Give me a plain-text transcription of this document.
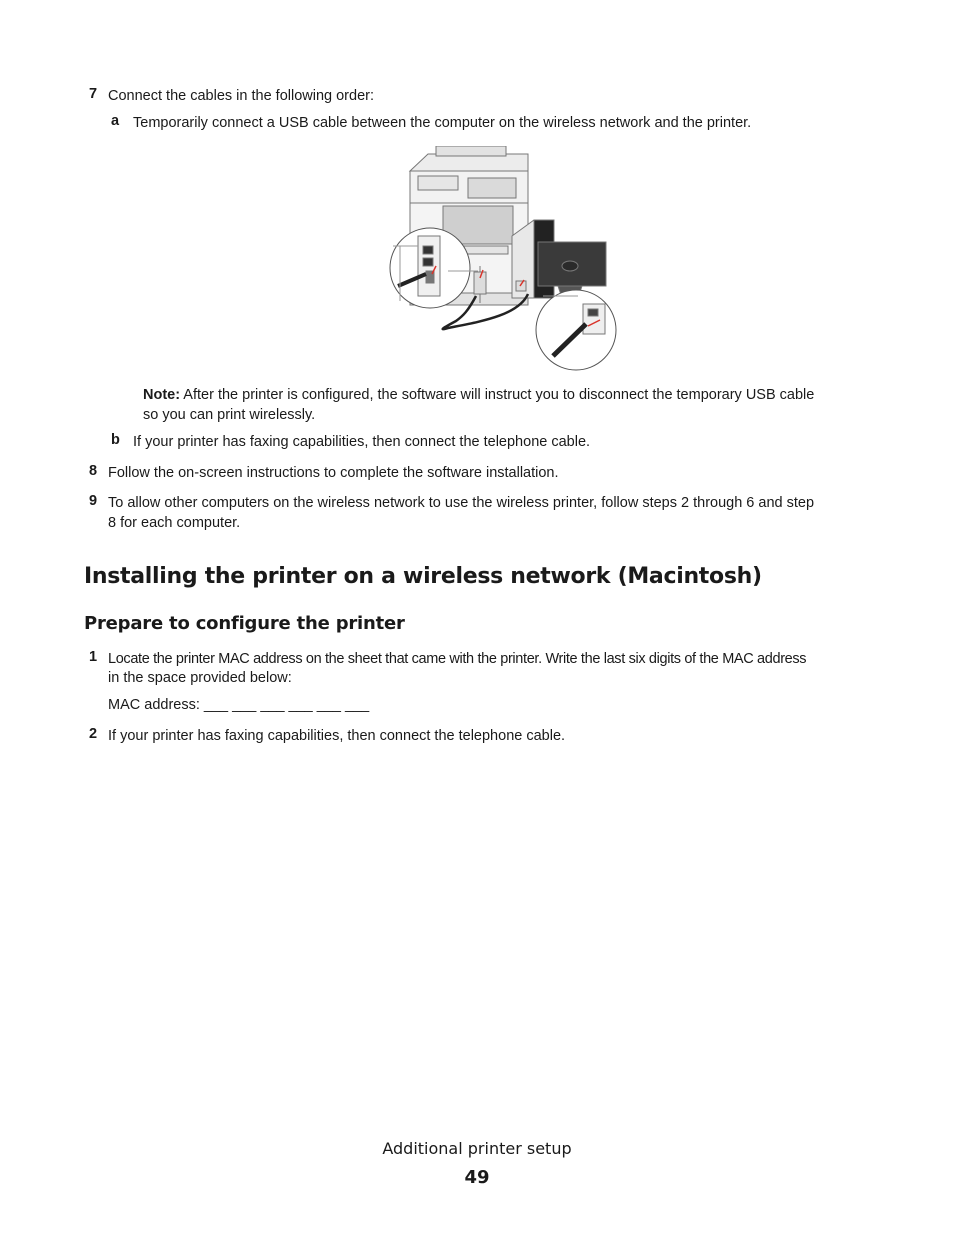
7 Connect the cables in the following order:
a Temporarily connect a USB cable between the computer on the wireless network and the printer.
Note: After the printer is configured, the software will instruct you to disconnect the temporary USB cable
so you can print wirelessly.
b If your printer has faxing capabilities, then connect the telephone cable.
8 Follow the on-screen instructions to complete the software installation.
9 To allow other computers on the wireless network to use the wireless printer, follow steps 2 through 6 and step
8 for each computer.
Installing the printer on a wireless network (Macintosh)
Prepare to configure the printer
1 Locate the printer MAC address on the sheet that came with the printer. Write the last six digits of the MAC address
in the space provided below:
MAC address: ___ ___ ___ ___ ___ ___
2 If your printer has faxing capabilities, then connect the telephone cable.
Additional printer setup
49
